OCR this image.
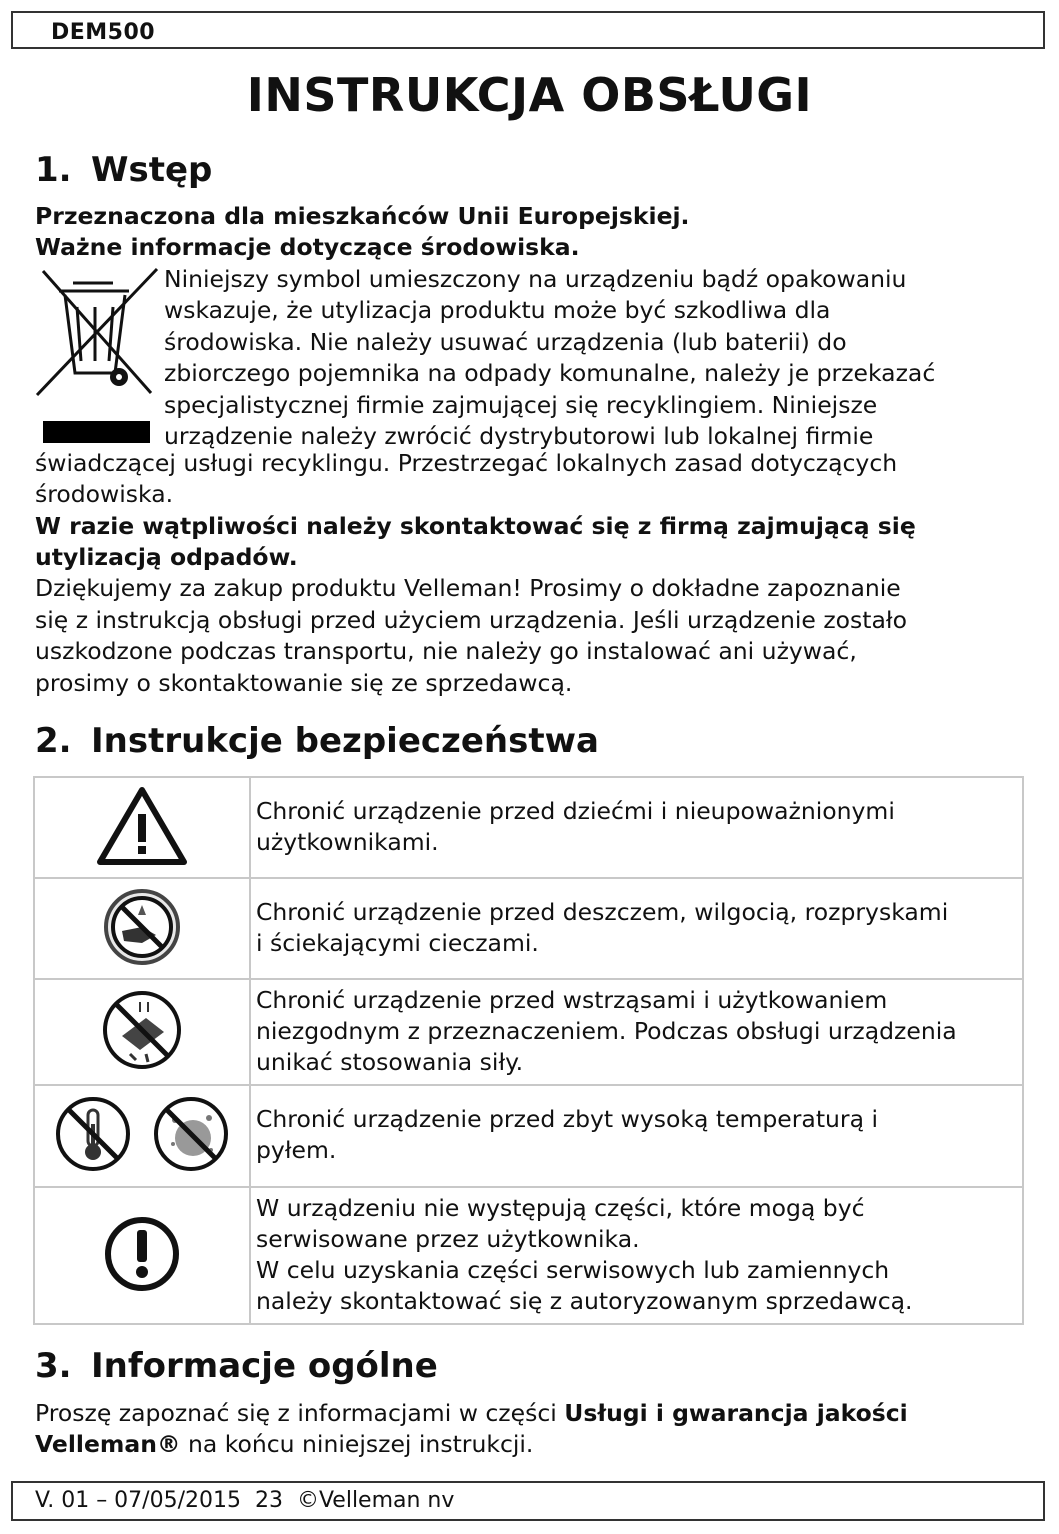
DEM500
INSTRUKCJA OBSŁUGI
1. Wstęp
Przeznaczona dla mieszkańców Unii Europejskiej.
Ważne informacje dotyczące środowiska.
Niniejszy symbol umieszczony na urządzeniu bądź opakowaniu
wskazuje, że utylizacja produktu może być szkodliwa dla
środowiska. Nie należy usuwać urządzenia (lub baterii) do
zbiorczego pojemnika na odpady komunalne, należy je przekazać
specjalistycznej firmie zajmującej się recyklingiem. Niniejsze
urządzenie należy zwrócić dystrybutorowi lub lokalnej firmie
świadczącej usługi recyklingu. Przestrzegać lokalnych zasad dotyczących
środowiska.
W razie wątpliwości należy skontaktować się z firmą zajmującą się
utylizacją odpadów.
Dziękujemy za zakup produktu Velleman! Prosimy o dokładne zapoznanie
się z instrukcją obsługi przed użyciem urządzenia. Jeśli urządzenie zostało
uszkodzone podczas transportu, nie należy go instalować ani używać,
prosimy o skontaktowanie się ze sprzedawcą.
2. Instrukcje bezpieczeństwa

Chronić urządzenie przed dziećmi i nieupoważnionymi
użytkownikami.

Chronić urządzenie przed deszczem, wilgocią, rozpryskami
i ściekającymi cieczami.

Chronić urządzenie przed wstrząsami i użytkowaniem
niezgodnym z przeznaczeniem. Podczas obsługi urządzenia
unikać stosowania siły.

Chronić urządzenie przed zbyt wysoką temperaturą i
pyłem.

W urządzeniu nie występują części, które mogą być
serwisowane przez użytkownika.
W celu uzyskania części serwisowych lub zamiennych
należy skontaktować się z autoryzowanym sprzedawcą.
3. Informacje ogólne
Proszę zapoznać się z informacjami w części Usługi i gwarancja jakości
Velleman® na końcu niniejszej instrukcji.
V. 01 – 07/05/2015  23  ©Velleman nv
